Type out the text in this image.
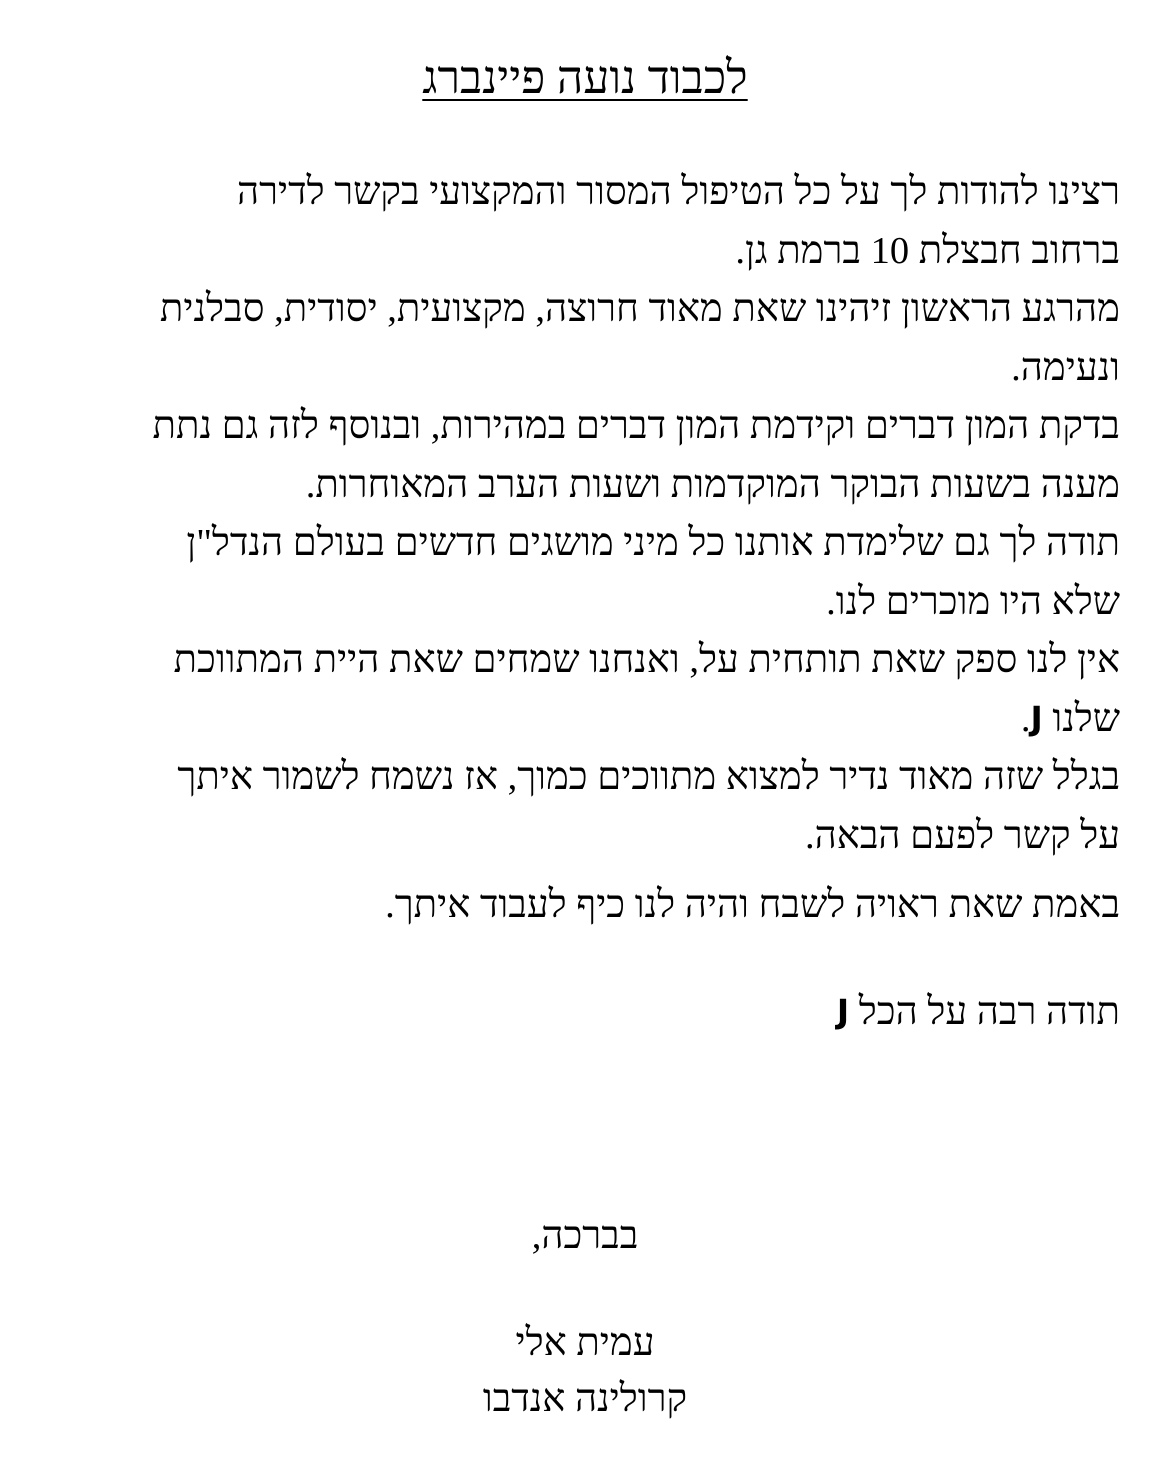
לכבוד נועה פיינברג
רצינו להודות לך על כל הטיפול המסור והמקצועי בקשר לדירה
ברחוב חבצלת 10 ברמת גן.
מהרגע הראשון זיהינו שאת מאוד חרוצה, מקצועית, יסודית, סבלנית
ונעימה.
בדקת המון דברים וקידמת המון דברים במהירות, ובנוסף לזה גם נתת
מענה בשעות הבוקר המוקדמות ושעות הערב המאוחרות.
תודה לך גם שלימדת אותנו כל מיני מושגים חדשים בעולם הנדל"ן
שלא היו מוכרים לנו.
אין לנו ספק שאת תותחית על, ואנחנו שמחים שאת היית המתווכת
שלנו J.
בגלל שזה מאוד נדיר למצוא מתווכים כמוך, אז נשמח לשמור איתך
על קשר לפעם הבאה.
באמת שאת ראויה לשבח והיה לנו כיף לעבוד איתך.
תודה רבה על הכל J
בברכה,
עמית אלי
קרולינה אנדבו
